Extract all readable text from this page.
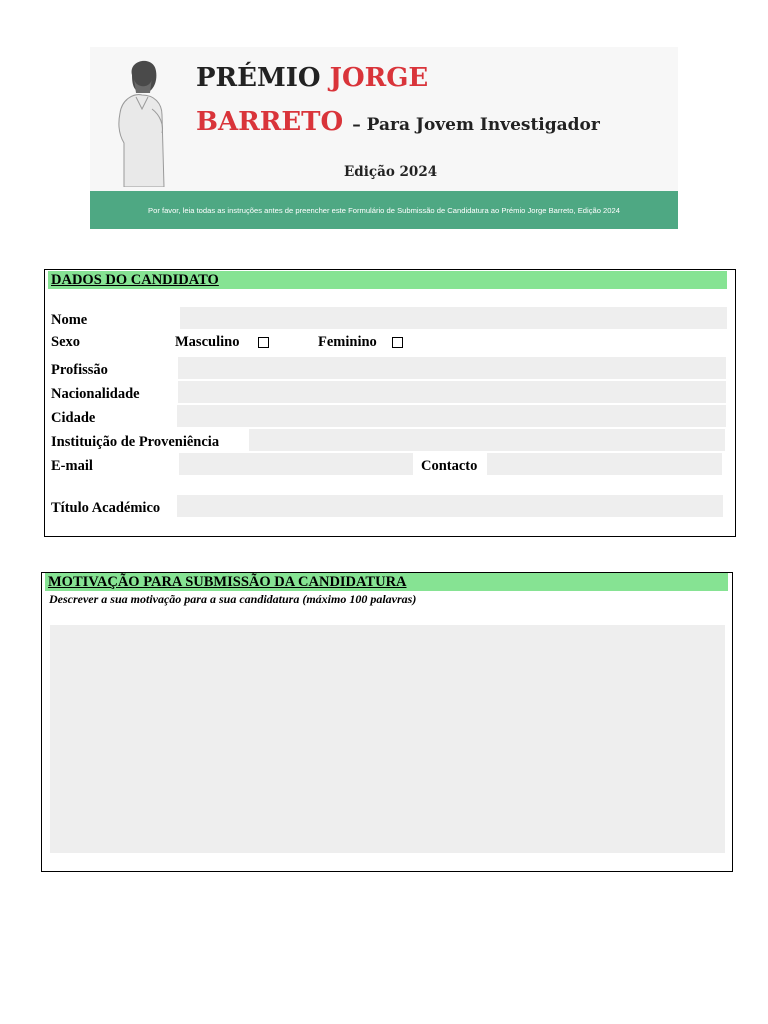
PRÉMIO JORGE
BARRETO – Para Jovem Investigador
Edição 2024
Por favor, leia todas as instruções antes de preencher este Formulário de Submissão de Candidatura ao Prémio Jorge Barreto, Edição 2024
DADOS DO CANDIDATO
Nome
Sexo	Masculino	Feminino
Profissão
Nacionalidade
Cidade
Instituição de Proveniência
E-mail	Contacto
Título Académico
MOTIVAÇÃO PARA SUBMISSÃO DA CANDIDATURA
Descrever a sua motivação para a sua candidatura (máximo 100 palavras)
